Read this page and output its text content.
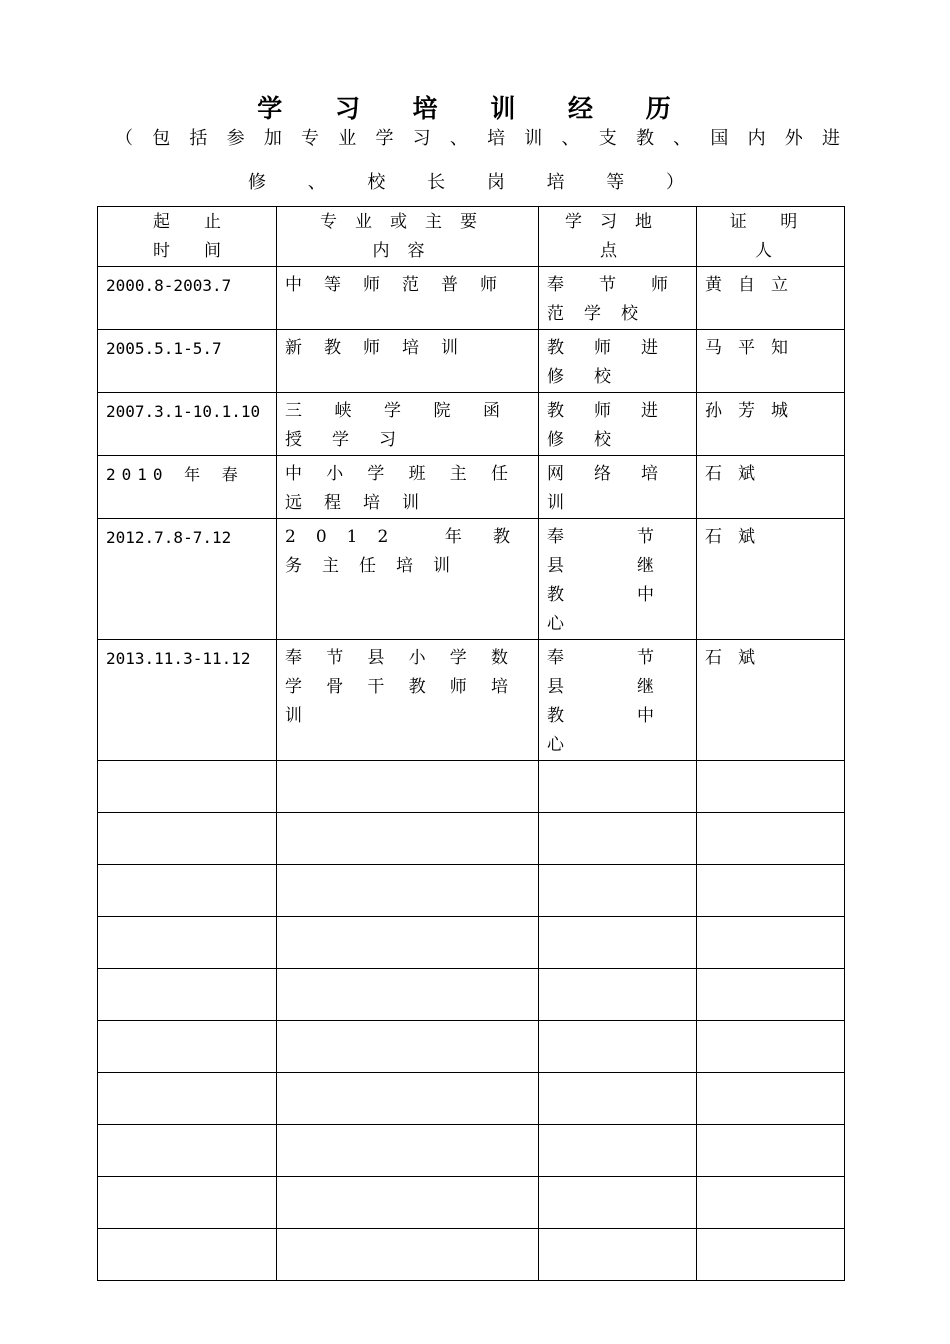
学 习 培 训 经 历
（ 包 括 参 加 专 业 学 习 、 培 训 、 支 教 、 国 内 外 进
修 、 校 长 岗 培 等 ）
起　　止
时　　间	专业或主要内容	学习地点	证 明 人

2000.8-2003.7	中等师范普师	奉节师范学校	黄自立

2005.5.1-5.7	新教师培训	教师进修校	马平知

2007.3.1-10.1.10	三峡学院函授学习	教师进修校	孙芳城

2010 年 春	中小学班主任远程培训	网络培训	石斌

2012.7.8-7.12	2012 年教务主任培训	奉节县继教中心	石斌

2013.11.3-11.12	奉节县小学数学骨干教师培训	奉节县继教中心	石斌
